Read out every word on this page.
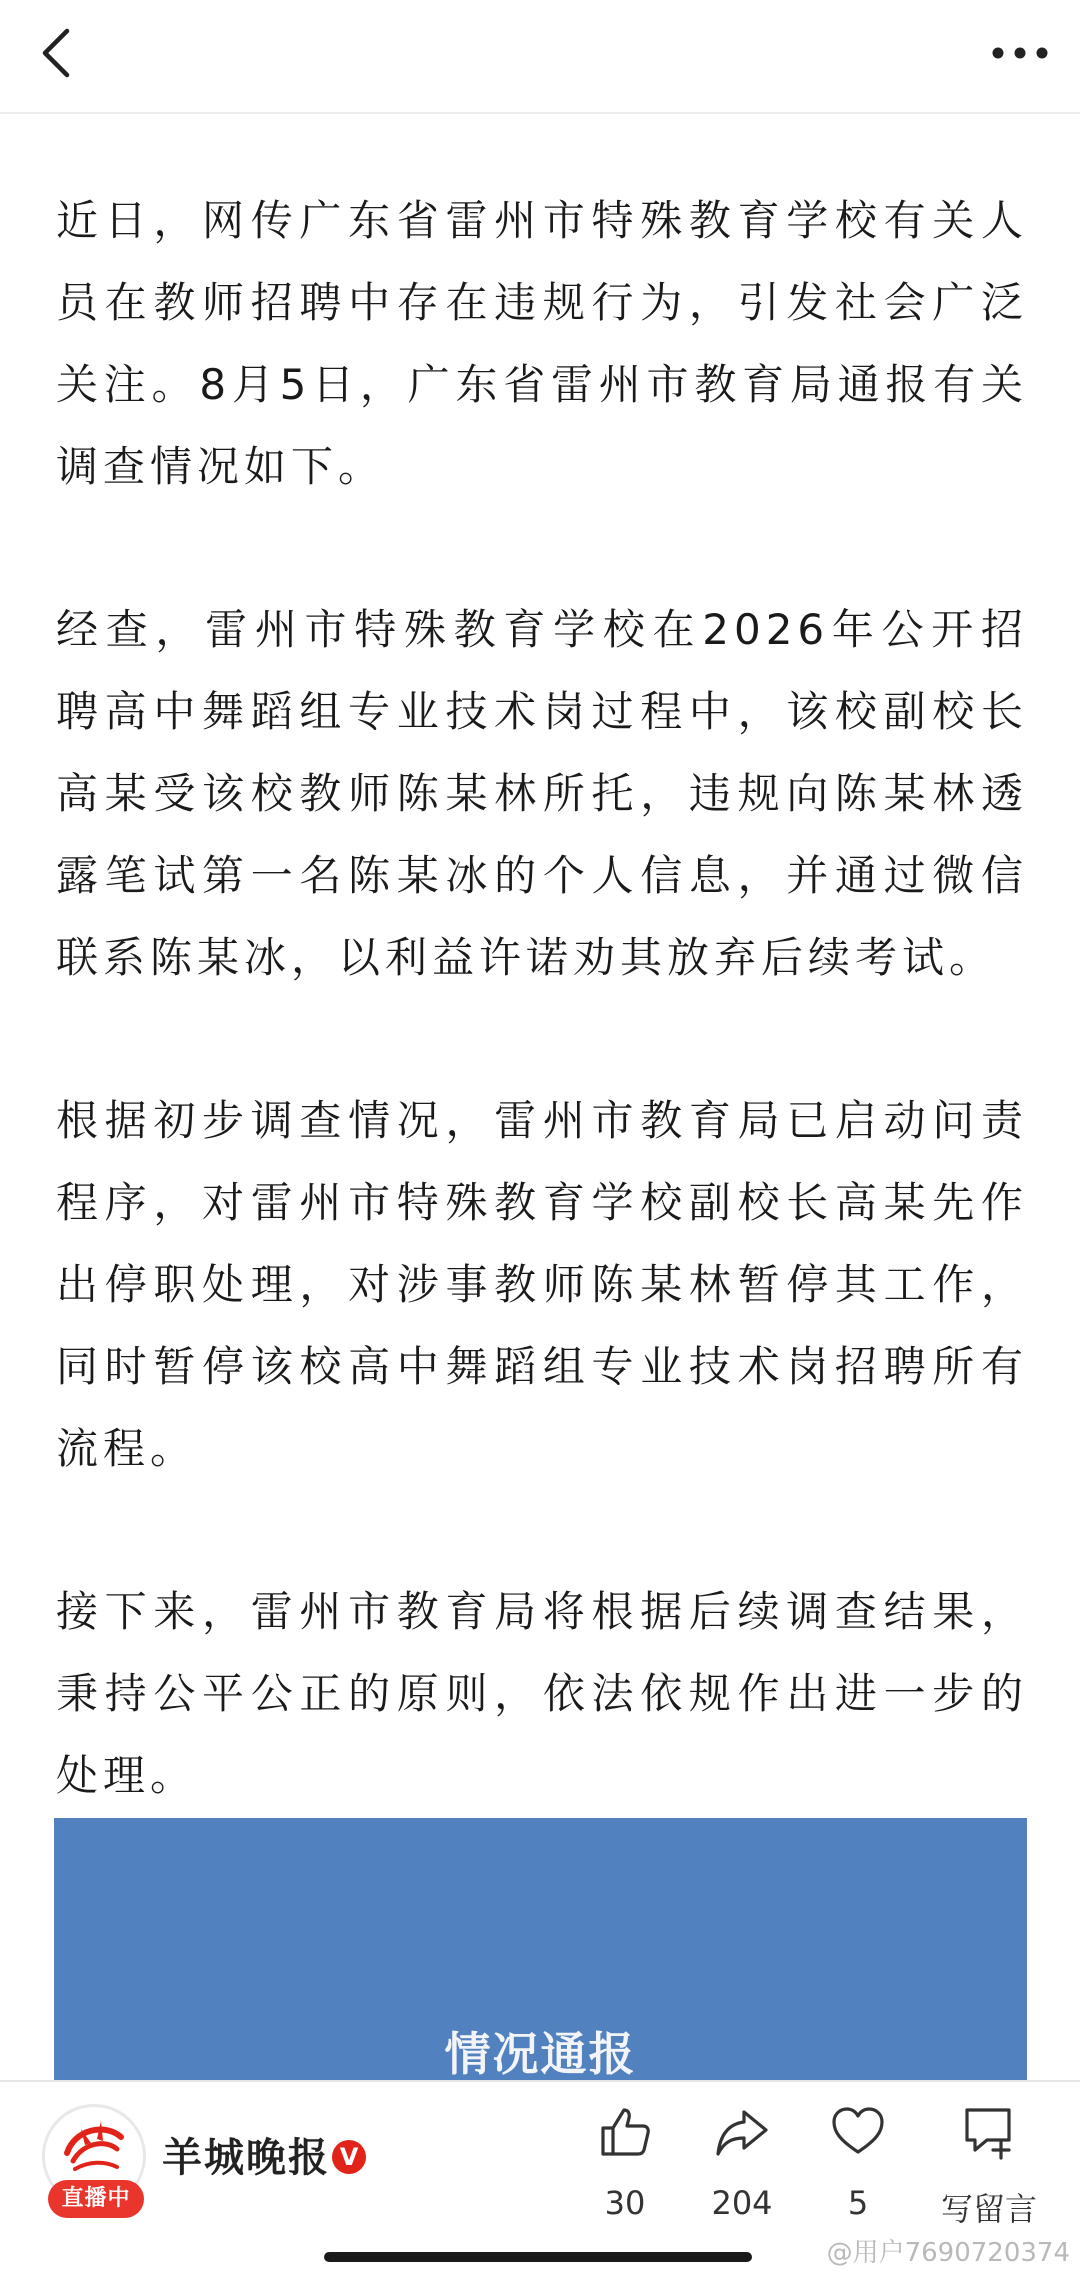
近日，网传广东省雷州市特殊教育学校有关人员在教师招聘中存在违规行为，引发社会广泛关注。8月5日，广东省雷州市教育局通报有关调查情况如下。

经查，雷州市特殊教育学校在2026年公开招聘高中舞蹈组专业技术岗过程中，该校副校长高某受该校教师陈某林所托，违规向陈某林透露笔试第一名陈某冰的个人信息，并通过微信联系陈某冰，以利益许诺劝其放弃后续考试。

根据初步调查情况，雷州市教育局已启动问责程序，对雷州市特殊教育学校副校长高某先作出停职处理，对涉事教师陈某林暂停其工作，同时暂停该校高中舞蹈组专业技术岗招聘所有流程。

接下来，雷州市教育局将根据后续调查结果，秉持公平公正的原则，依法依规作出进一步的处理。

情况通报
直播中
羊城晚报 V
30	204	5	写留言
@用户7690720374
